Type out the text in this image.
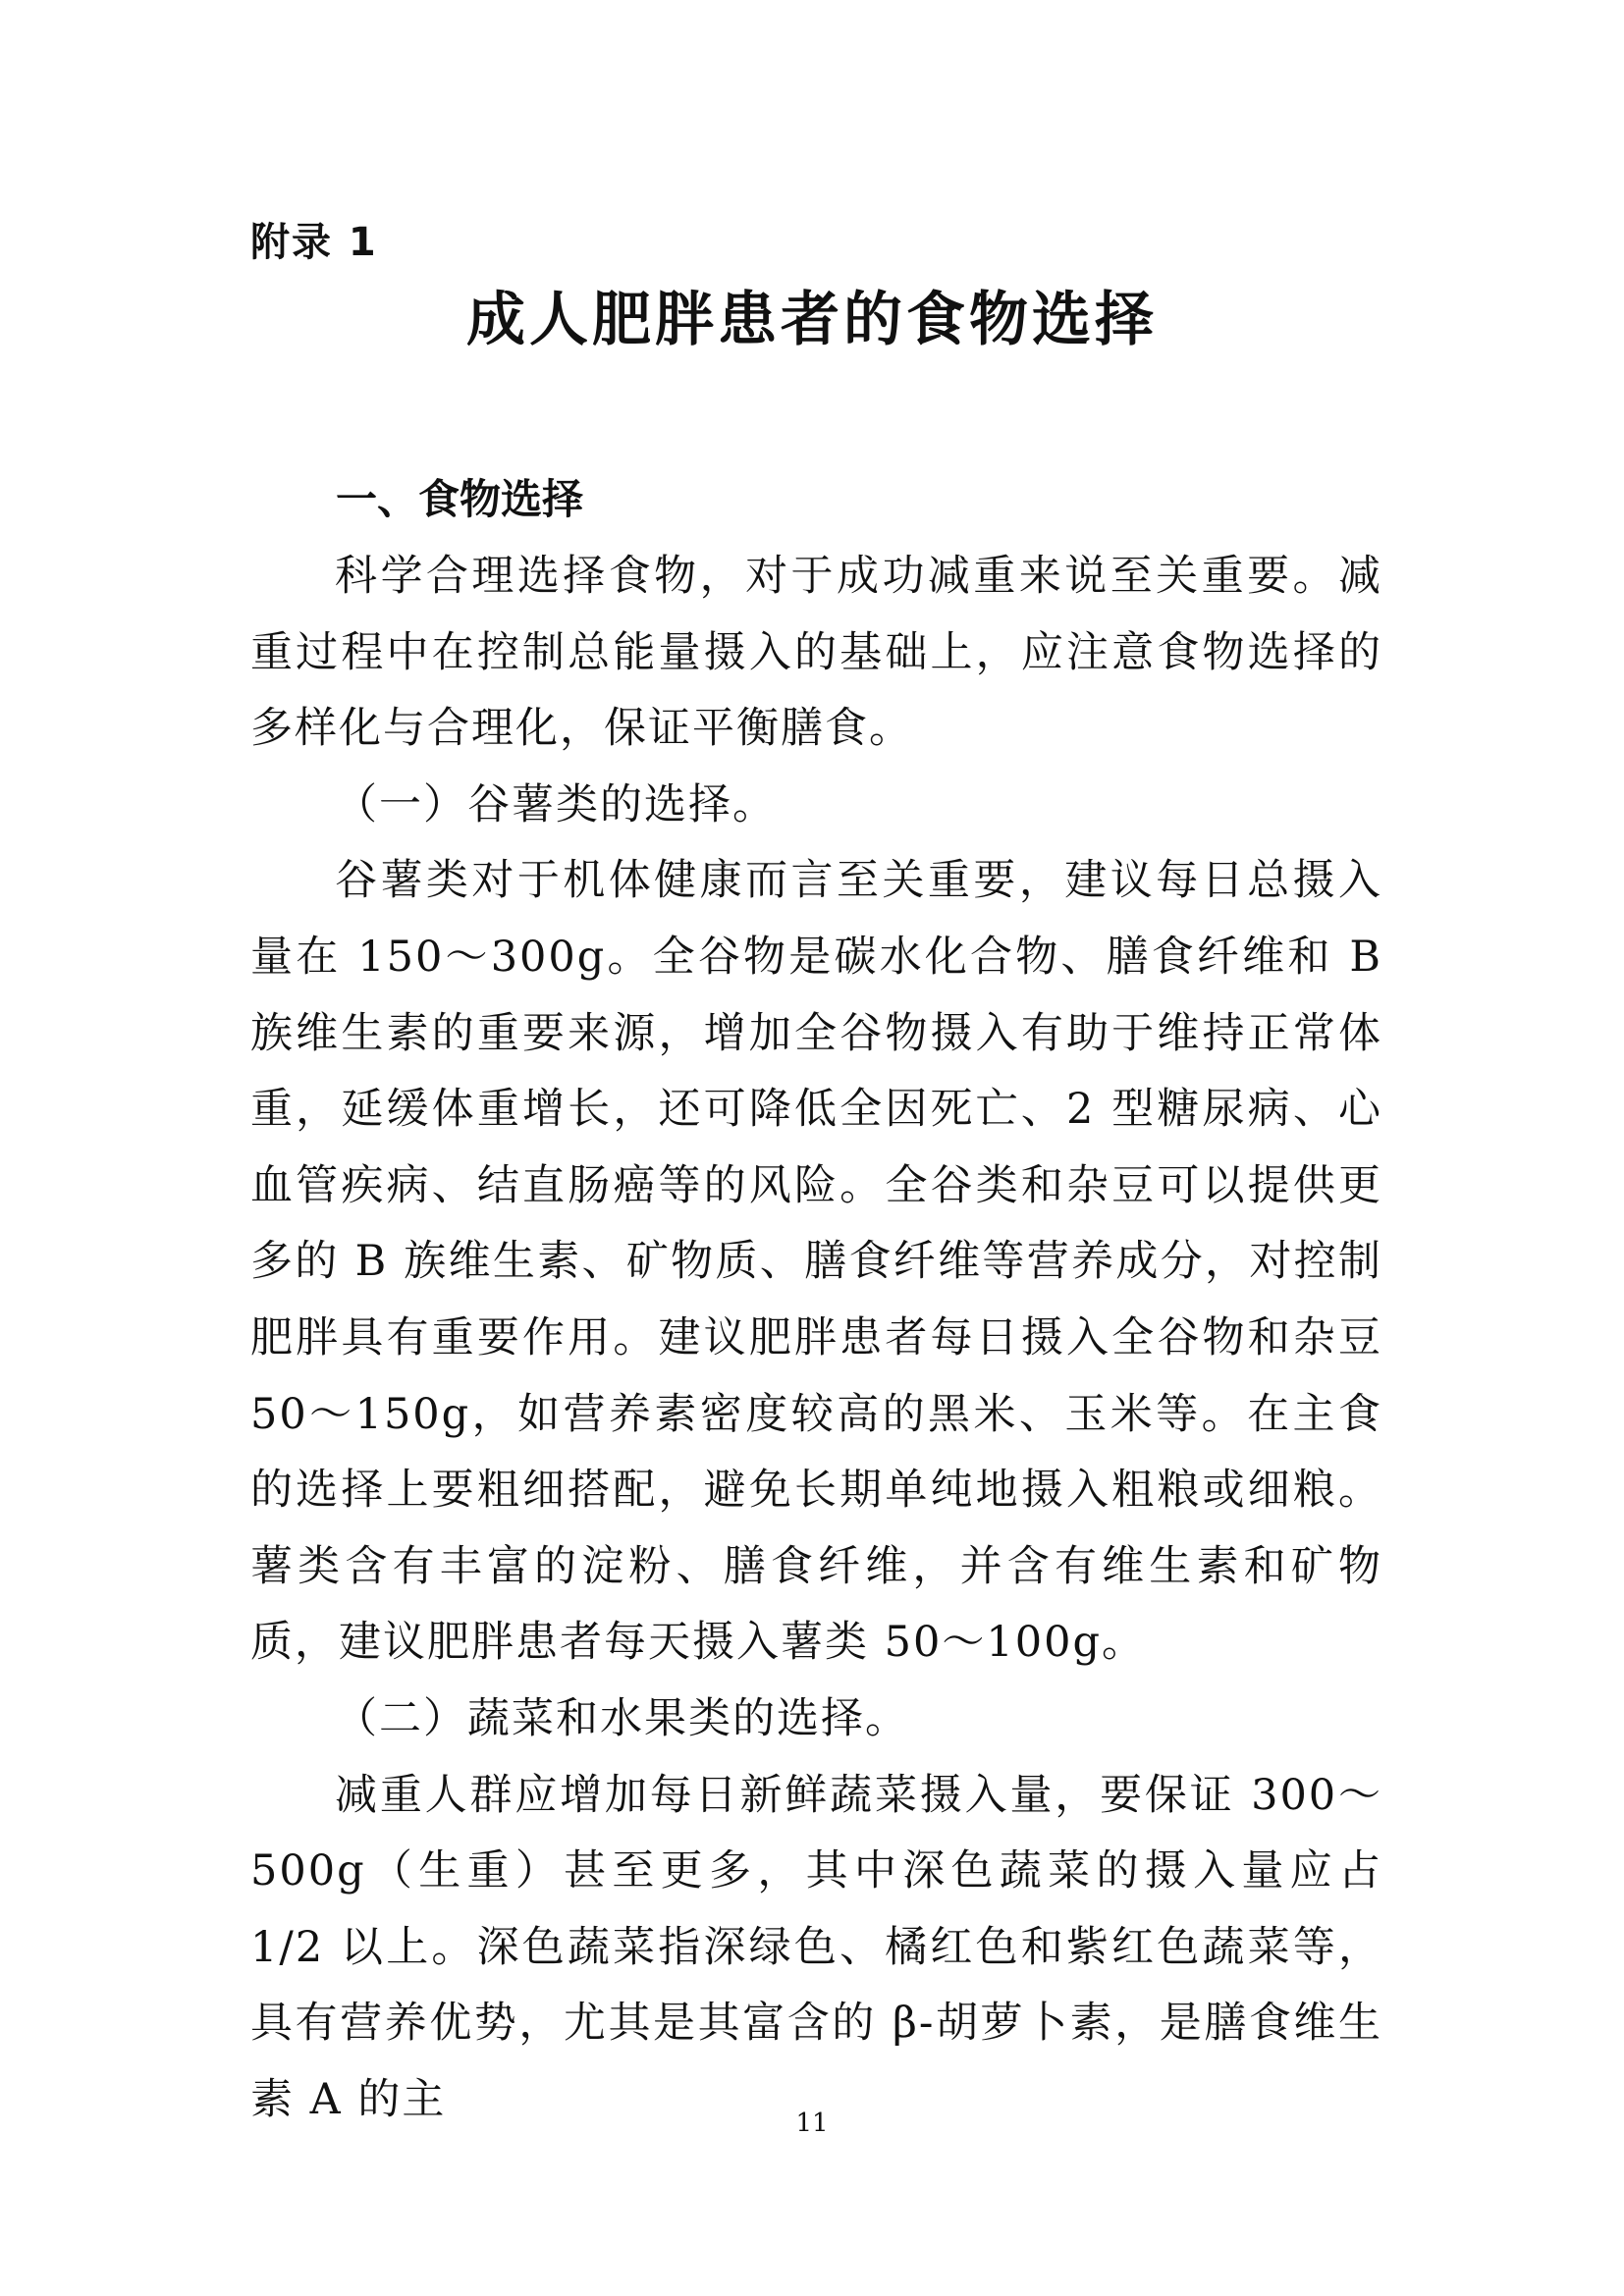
附录 1
成人肥胖患者的食物选择
一、食物选择

科学合理选择食物，对于成功减重来说至关重要。减重过程中在控制总能量摄入的基础上，应注意食物选择的多样化与合理化，保证平衡膳食。

（一）谷薯类的选择。

谷薯类对于机体健康而言至关重要，建议每日总摄入量在 150～300g。全谷物是碳水化合物、膳食纤维和 B 族维生素的重要来源，增加全谷物摄入有助于维持正常体重，延缓体重增长，还可降低全因死亡、2 型糖尿病、心血管疾病、结直肠癌等的风险。全谷类和杂豆可以提供更多的 B 族维生素、矿物质、膳食纤维等营养成分，对控制肥胖具有重要作用。建议肥胖患者每日摄入全谷物和杂豆 50～150g，如营养素密度较高的黑米、玉米等。在主食的选择上要粗细搭配，避免长期单纯地摄入粗粮或细粮。薯类含有丰富的淀粉、膳食纤维，并含有维生素和矿物质，建议肥胖患者每天摄入薯类 50～100g。

（二）蔬菜和水果类的选择。

减重人群应增加每日新鲜蔬菜摄入量，要保证 300～500g（生重）甚至更多，其中深色蔬菜的摄入量应占 1/2 以上。深色蔬菜指深绿色、橘红色和紫红色蔬菜等，具有营养优势，尤其是其富含的 β-胡萝卜素，是膳食维生素 A 的主	11
